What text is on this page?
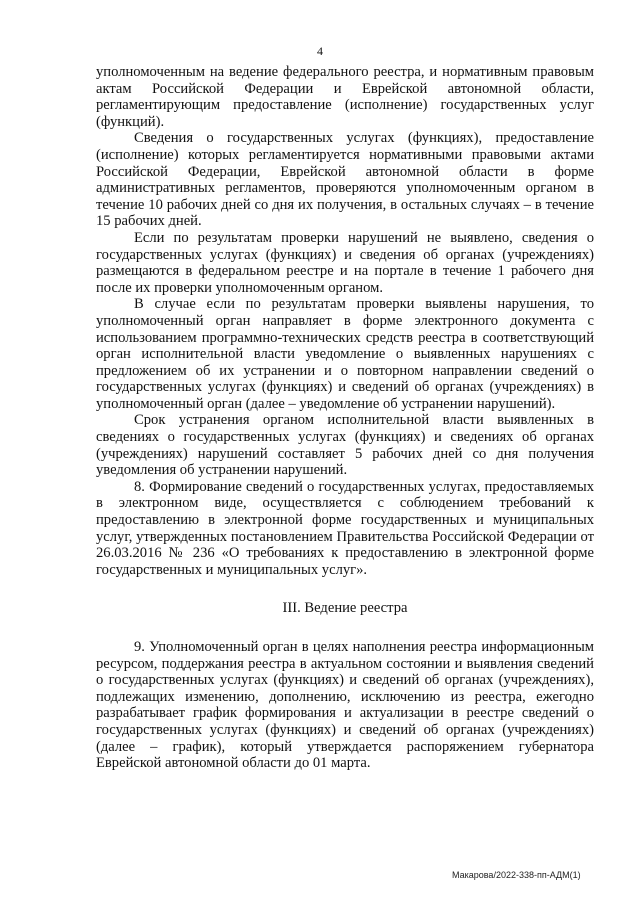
4

уполномоченным на ведение федерального реестра, и нормативным правовым актам Российской Федерации и Еврейской автономной области, регламентирующим предоставление (исполнение) государственных услуг (функций).

Сведения о государственных услугах (функциях), предоставление (исполнение) которых регламентируется нормативными правовыми актами Российской Федерации, Еврейской автономной области в форме административных регламентов, проверяются уполномоченным органом в течение 10 рабочих дней со дня их получения, в остальных случаях – в течение 15 рабочих дней.

Если по результатам проверки нарушений не выявлено, сведения о государственных услугах (функциях) и сведения об органах (учреждениях) размещаются в федеральном реестре и на портале в течение 1 рабочего дня после их проверки уполномоченным органом.

В случае если по результатам проверки выявлены нарушения, то уполномоченный орган направляет в форме электронного документа с использованием программно-технических средств реестра в соответствующий орган исполнительной власти уведомление о выявленных нарушениях с предложением об их устранении и о повторном направлении сведений о государственных услугах (функциях) и сведений об органах (учреждениях) в уполномоченный орган (далее – уведомление об устранении нарушений).

Срок устранения органом исполнительной власти выявленных в сведениях о государственных услугах (функциях) и сведениях об органах (учреждениях) нарушений составляет 5 рабочих дней со дня получения уведомления об устранении нарушений.

8. Формирование сведений о государственных услугах, предоставляемых в электронном виде, осуществляется с соблюдением требований к предоставлению в электронной форме государственных и муниципальных услуг, утвержденных постановлением Правительства Российской Федерации от 26.03.2016 № 236 «О требованиях к предоставлению в электронной форме государственных и муниципальных услуг».

III. Ведение реестра

9. Уполномоченный орган в целях наполнения реестра информационным ресурсом, поддержания реестра в актуальном состоянии и выявления сведений о государственных услугах (функциях) и сведений об органах (учреждениях), подлежащих изменению, дополнению, исключению из реестра, ежегодно разрабатывает график формирования и актуализации в реестре сведений о государственных услугах (функциях) и сведений об органах (учреждениях) (далее – график), который утверждается распоряжением губернатора Еврейской автономной области до 01 марта.

Макарова/2022-338-пп-АДМ(1)
